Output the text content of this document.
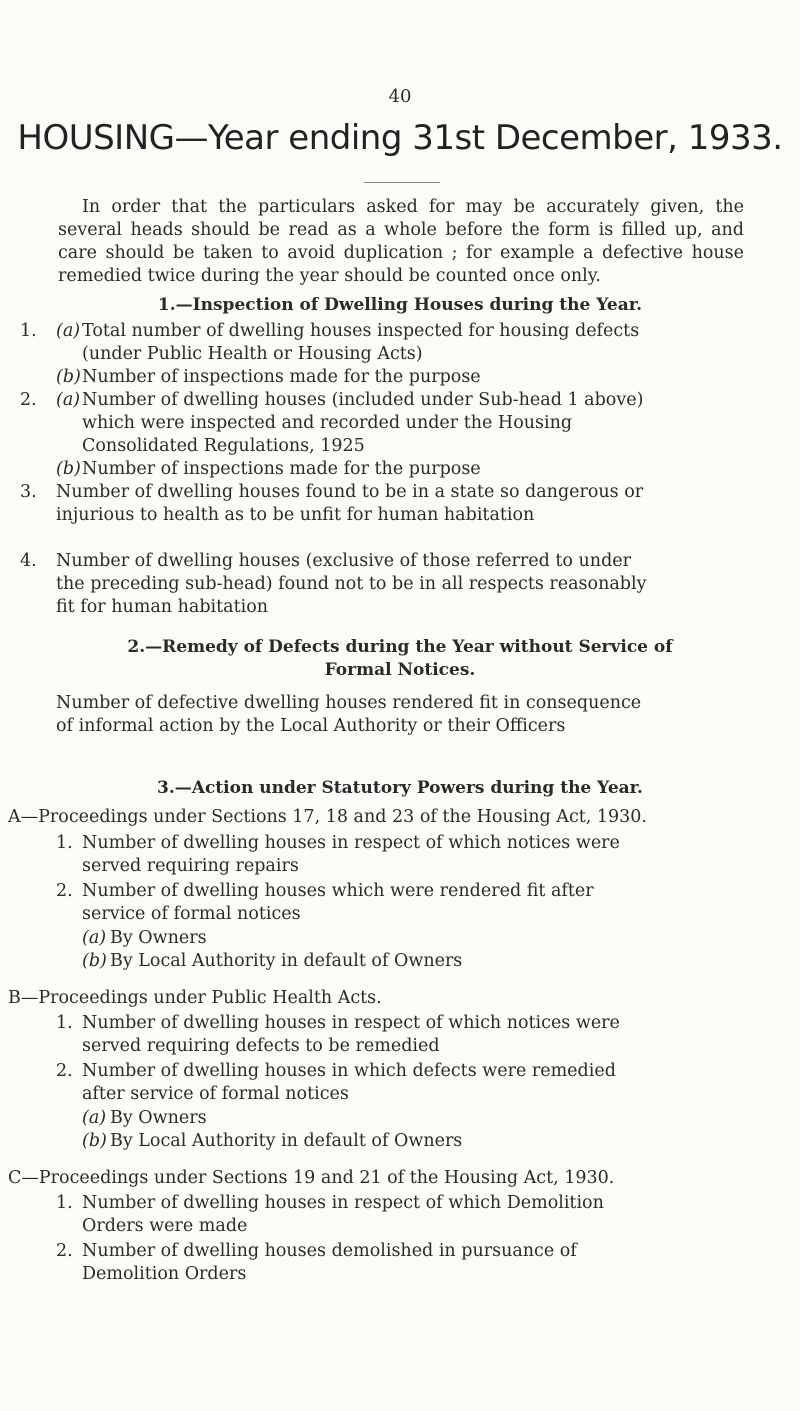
40
HOUSING—Year ending 31st December, 1933.
In order that the particulars asked for may be accurately given, the several heads should be read as a whole before the form is filled up, and care should be taken to avoid duplication ; for example a defective house remedied twice during the year should be counted once only.
1.—Inspection of Dwelling Houses during the Year.
1. (a) Total number of dwelling houses inspected for housing defects (under Public Health or Housing Acts)
(b) Number of inspections made for the purpose
2. (a) Number of dwelling houses (included under Sub-head 1 above) which were inspected and recorded under the Housing Consolidated Regulations, 1925
(b) Number of inspections made for the purpose
3. Number of dwelling houses found to be in a state so dangerous or injurious to health as to be unfit for human habitation
4. Number of dwelling houses (exclusive of those referred to under the preceding sub-head) found not to be in all respects reasonably fit for human habitation
2.—Remedy of Defects during the Year without Service of
Formal Notices.
Number of defective dwelling houses rendered fit in consequence of informal action by the Local Authority or their Officers
3.—Action under Statutory Powers during the Year.
A—Proceedings under Sections 17, 18 and 23 of the Housing Act, 1930.
1. Number of dwelling houses in respect of which notices were served requiring repairs
2. Number of dwelling houses which were rendered fit after service of formal notices
(a) By Owners
(b) By Local Authority in default of Owners
B—Proceedings under Public Health Acts.
1. Number of dwelling houses in respect of which notices were served requiring defects to be remedied
2. Number of dwelling houses in which defects were remedied after service of formal notices
(a) By Owners
(b) By Local Authority in default of Owners
C—Proceedings under Sections 19 and 21 of the Housing Act, 1930.
1. Number of dwelling houses in respect of which Demolition Orders were made
2. Number of dwelling houses demolished in pursuance of Demolition Orders
